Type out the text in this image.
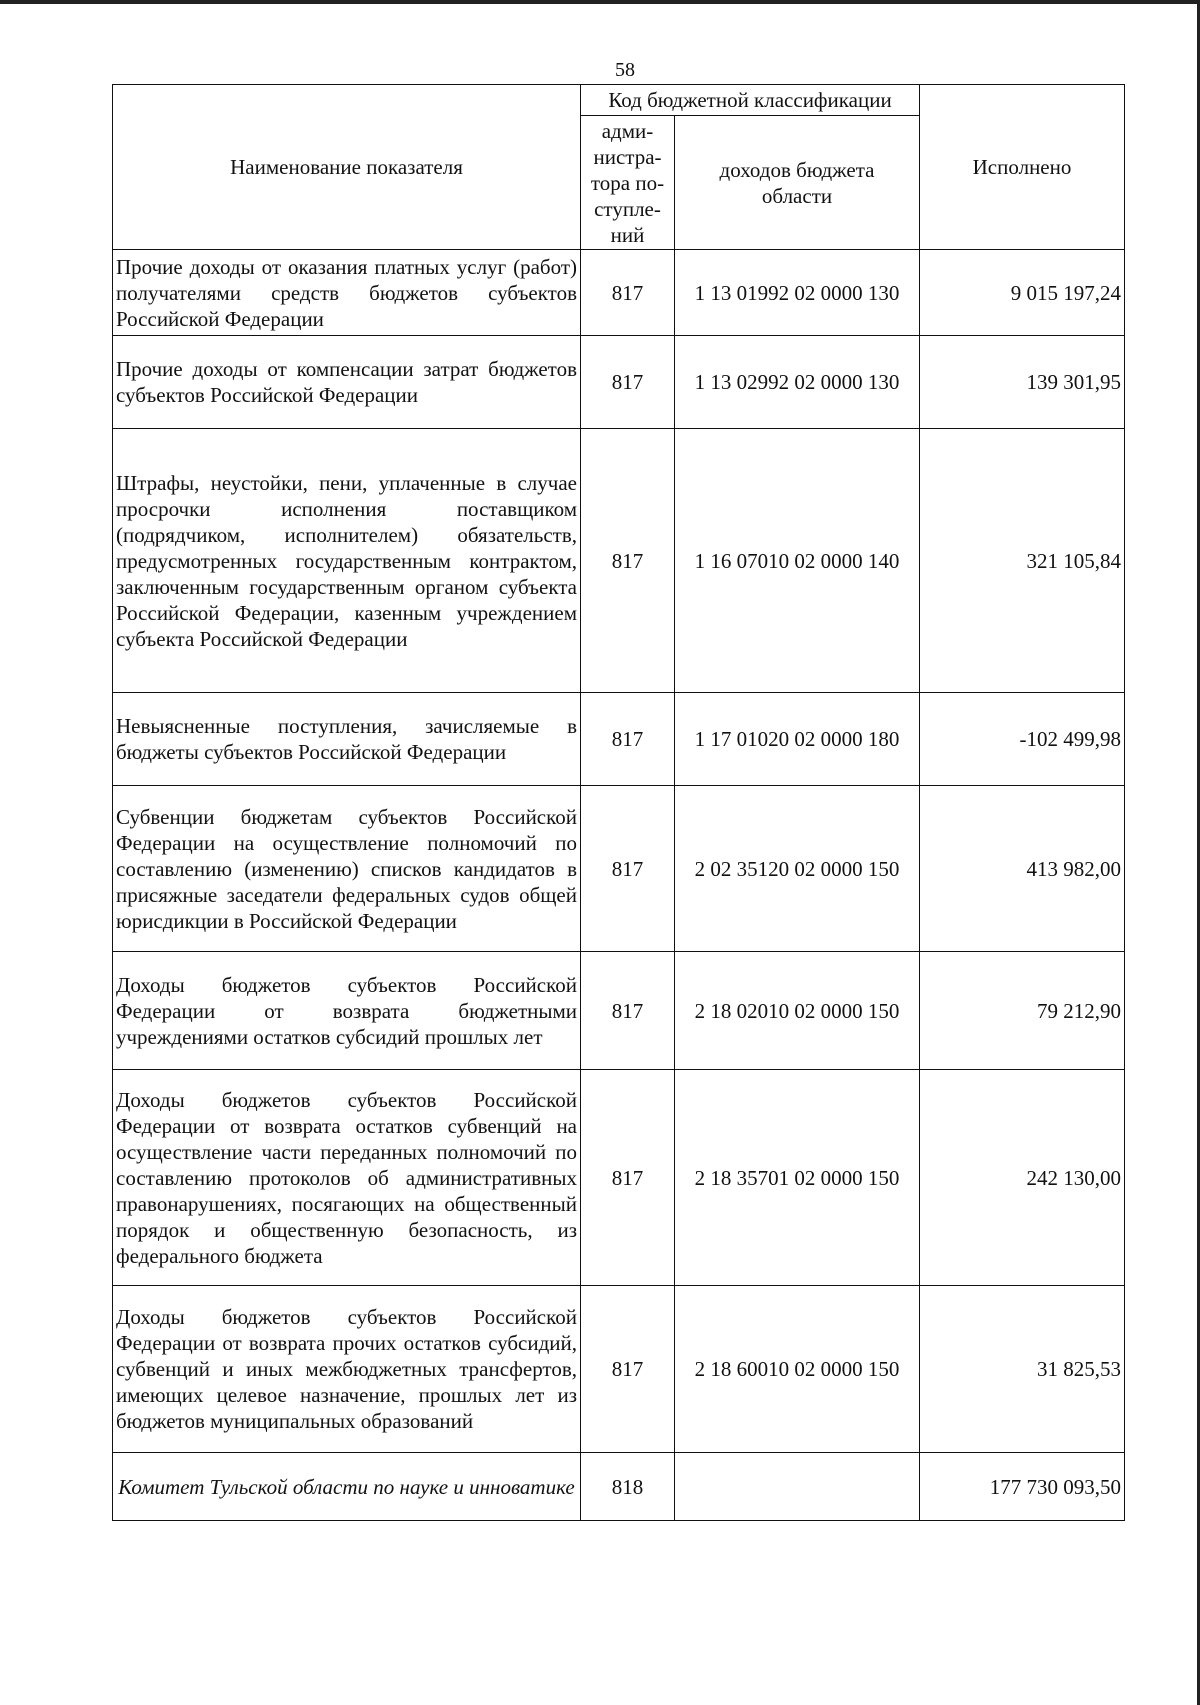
58
Наименование показателя	Код бюджетной классификации		Исполнено
	адми-
нистра-
тора по-
ступле-
ний	доходов бюджета
области	
Прочие доходы от оказания платных услуг (работ) получателями средств бюджетов субъектов Российской Федерации	817	1 13 01992 02 0000 130	9 015 197,24
Прочие доходы от компенсации затрат бюджетов субъектов Российской Федерации	817	1 13 02992 02 0000 130	139 301,95
Штрафы, неустойки, пени, уплаченные в случае просрочки исполнения поставщиком (подрядчиком, исполнителем) обязательств, предусмотренных государственным контрактом, заключенным государственным органом субъекта Российской Федерации, казенным учреждением субъекта Российской Федерации	817	1 16 07010 02 0000 140	321 105,84
Невыясненные поступления, зачисляемые в бюджеты субъектов Российской Федерации	817	1 17 01020 02 0000 180	-102 499,98
Субвенции бюджетам субъектов Российской Федерации на осуществление полномочий по составлению (изменению) списков кандидатов в присяжные заседатели федеральных судов общей юрисдикции в Российской Федерации	817	2 02 35120 02 0000 150	413 982,00
Доходы бюджетов субъектов Российской Федерации от возврата бюджетными учреждениями остатков субсидий прошлых лет	817	2 18 02010 02 0000 150	79 212,90
Доходы бюджетов субъектов Российской Федерации от возврата остатков субвенций на осуществление части переданных полномочий по составлению протоколов об административных правонарушениях, посягающих на общественный порядок и общественную безопасность, из федерального бюджета	817	2 18 35701 02 0000 150	242 130,00
Доходы бюджетов субъектов Российской Федерации от возврата прочих остатков субсидий, субвенций и иных межбюджетных трансфертов, имеющих целевое назначение, прошлых лет из бюджетов муниципальных образований	817	2 18 60010 02 0000 150	31 825,53
Комитет Тульской области по науке и инноватике	818		177 730 093,50
